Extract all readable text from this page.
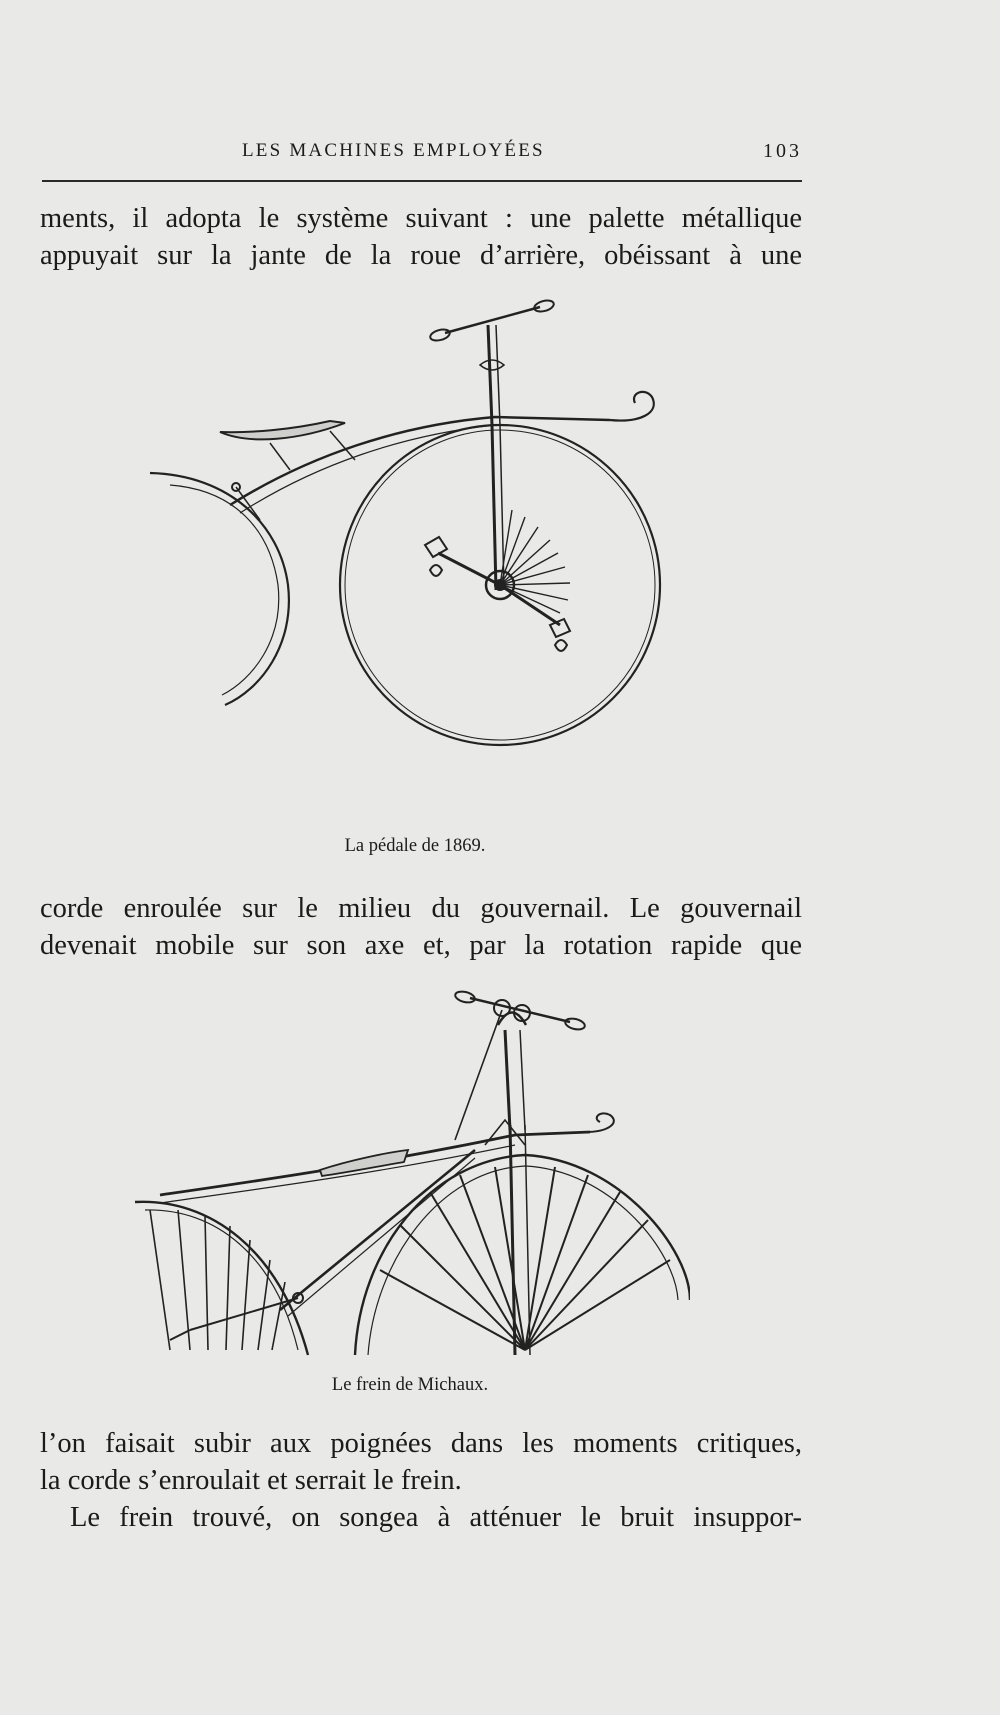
LES MACHINES EMPLOYÉES	103
ments, il adopta le système suivant : une palette métallique
appuyait sur la jante de la roue d’arrière, obéissant à une
La pédale de 1869.
corde enroulée sur le milieu du gouvernail. Le gouvernail
devenait mobile sur son axe et, par la rotation rapide que
Le frein de Michaux.
l’on faisait subir aux poignées dans les moments critiques,
la corde s’enroulait et serrait le frein.
Le frein trouvé, on songea à atténuer le bruit insuppor-
